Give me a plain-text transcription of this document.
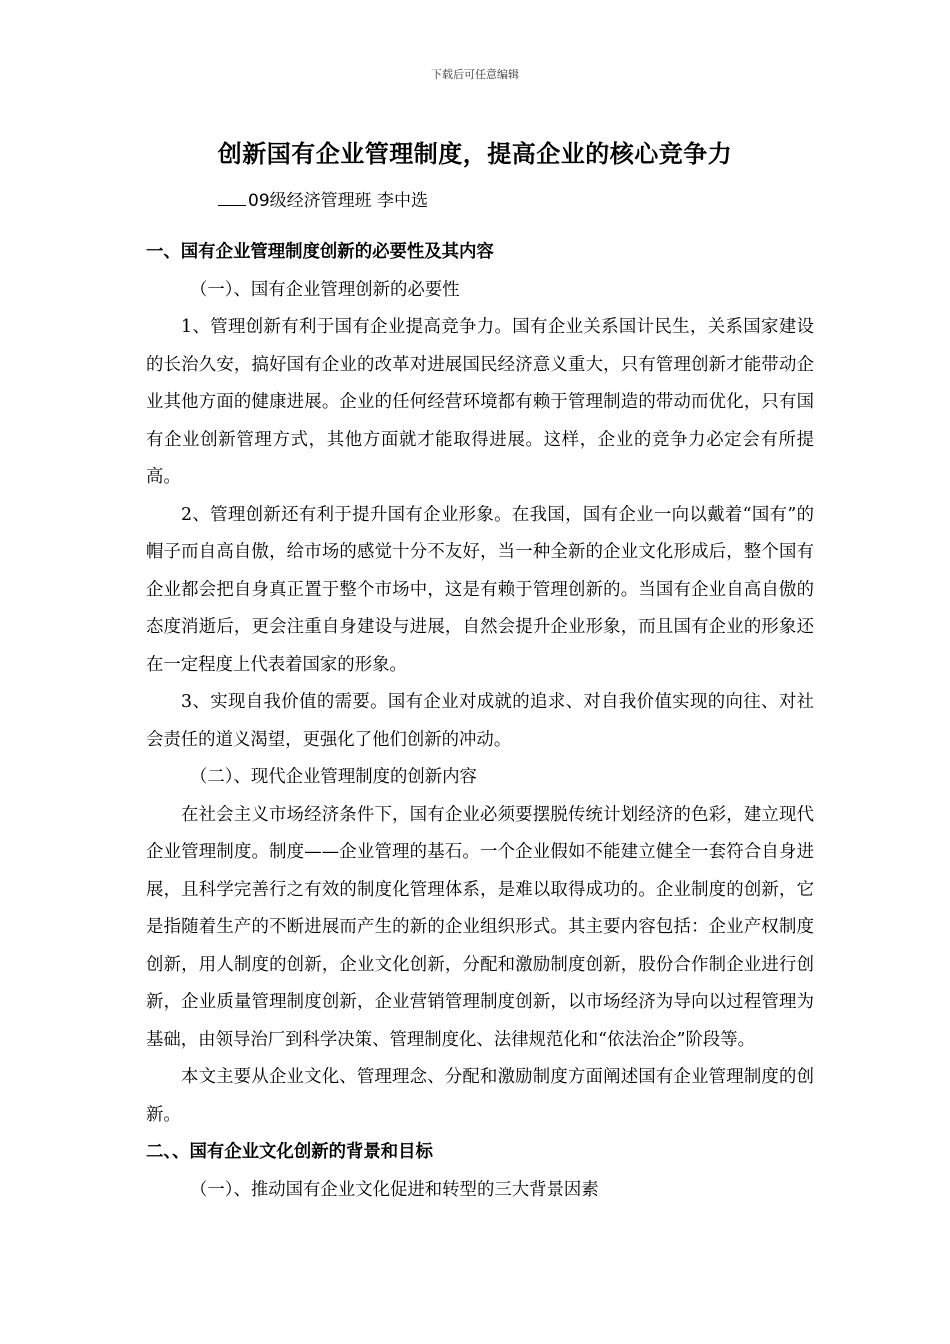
下载后可任意编辑
创新国有企业管理制度，提高企业的核心竞争力
09级经济管理班 李中选

一、国有企业管理制度创新的必要性及其内容

（一）、国有企业管理创新的必要性

1、管理创新有利于国有企业提高竞争力。国有企业关系国计民生，关系国家建设的长治久安，搞好国有企业的改革对进展国民经济意义重大，只有管理创新才能带动企业其他方面的健康进展。企业的任何经营环境都有赖于管理制造的带动而优化，只有国有企业创新管理方式，其他方面就才能取得进展。这样，企业的竞争力必定会有所提高。

2、管理创新还有利于提升国有企业形象。在我国，国有企业一向以戴着“国有”的帽子而自高自傲，给市场的感觉十分不友好，当一种全新的企业文化形成后，整个国有企业都会把自身真正置于整个市场中，这是有赖于管理创新的。当国有企业自高自傲的态度消逝后，更会注重自身建设与进展，自然会提升企业形象，而且国有企业的形象还在一定程度上代表着国家的形象。

3、实现自我价值的需要。国有企业对成就的追求、对自我价值实现的向往、对社会责任的道义渴望，更强化了他们创新的冲动。

（二）、现代企业管理制度的创新内容

在社会主义市场经济条件下，国有企业必须要摆脱传统计划经济的色彩，建立现代企业管理制度。制度——企业管理的基石。一个企业假如不能建立健全一套符合自身进展，且科学完善行之有效的制度化管理体系，是难以取得成功的。企业制度的创新，它是指随着生产的不断进展而产生的新的企业组织形式。其主要内容包括：企业产权制度创新，用人制度的创新，企业文化创新，分配和激励制度创新，股份合作制企业进行创新，企业质量管理制度创新，企业营销管理制度创新，以市场经济为导向以过程管理为基础，由领导治厂到科学决策、管理制度化、法律规范化和“依法治企”阶段等。

本文主要从企业文化、管理理念、分配和激励制度方面阐述国有企业管理制度的创新。

二、、国有企业文化创新的背景和目标

（一）、推动国有企业文化促进和转型的三大背景因素
